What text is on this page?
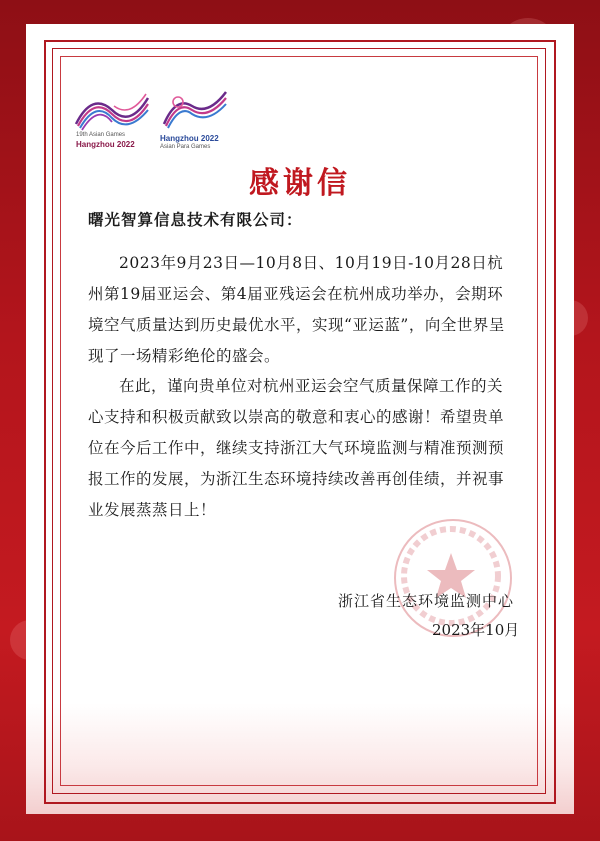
19th Asian Games
Hangzhou 2022
Hangzhou 2022
Asian Para Games
感谢信
曙光智算信息技术有限公司：
2023年9月23日—10月8日、10月19日-10月28日杭州第19届亚运会、第4届亚残运会在杭州成功举办，会期环境空气质量达到历史最优水平，实现“亚运蓝”，向全世界呈现了一场精彩绝伦的盛会。
在此，谨向贵单位对杭州亚运会空气质量保障工作的关心支持和积极贡献致以崇高的敬意和衷心的感谢！希望贵单位在今后工作中，继续支持浙江大气环境监测与精准预测预报工作的发展，为浙江生态环境持续改善再创佳绩，并祝事业发展蒸蒸日上！
浙江省生态环境监测中心
2023年10月
